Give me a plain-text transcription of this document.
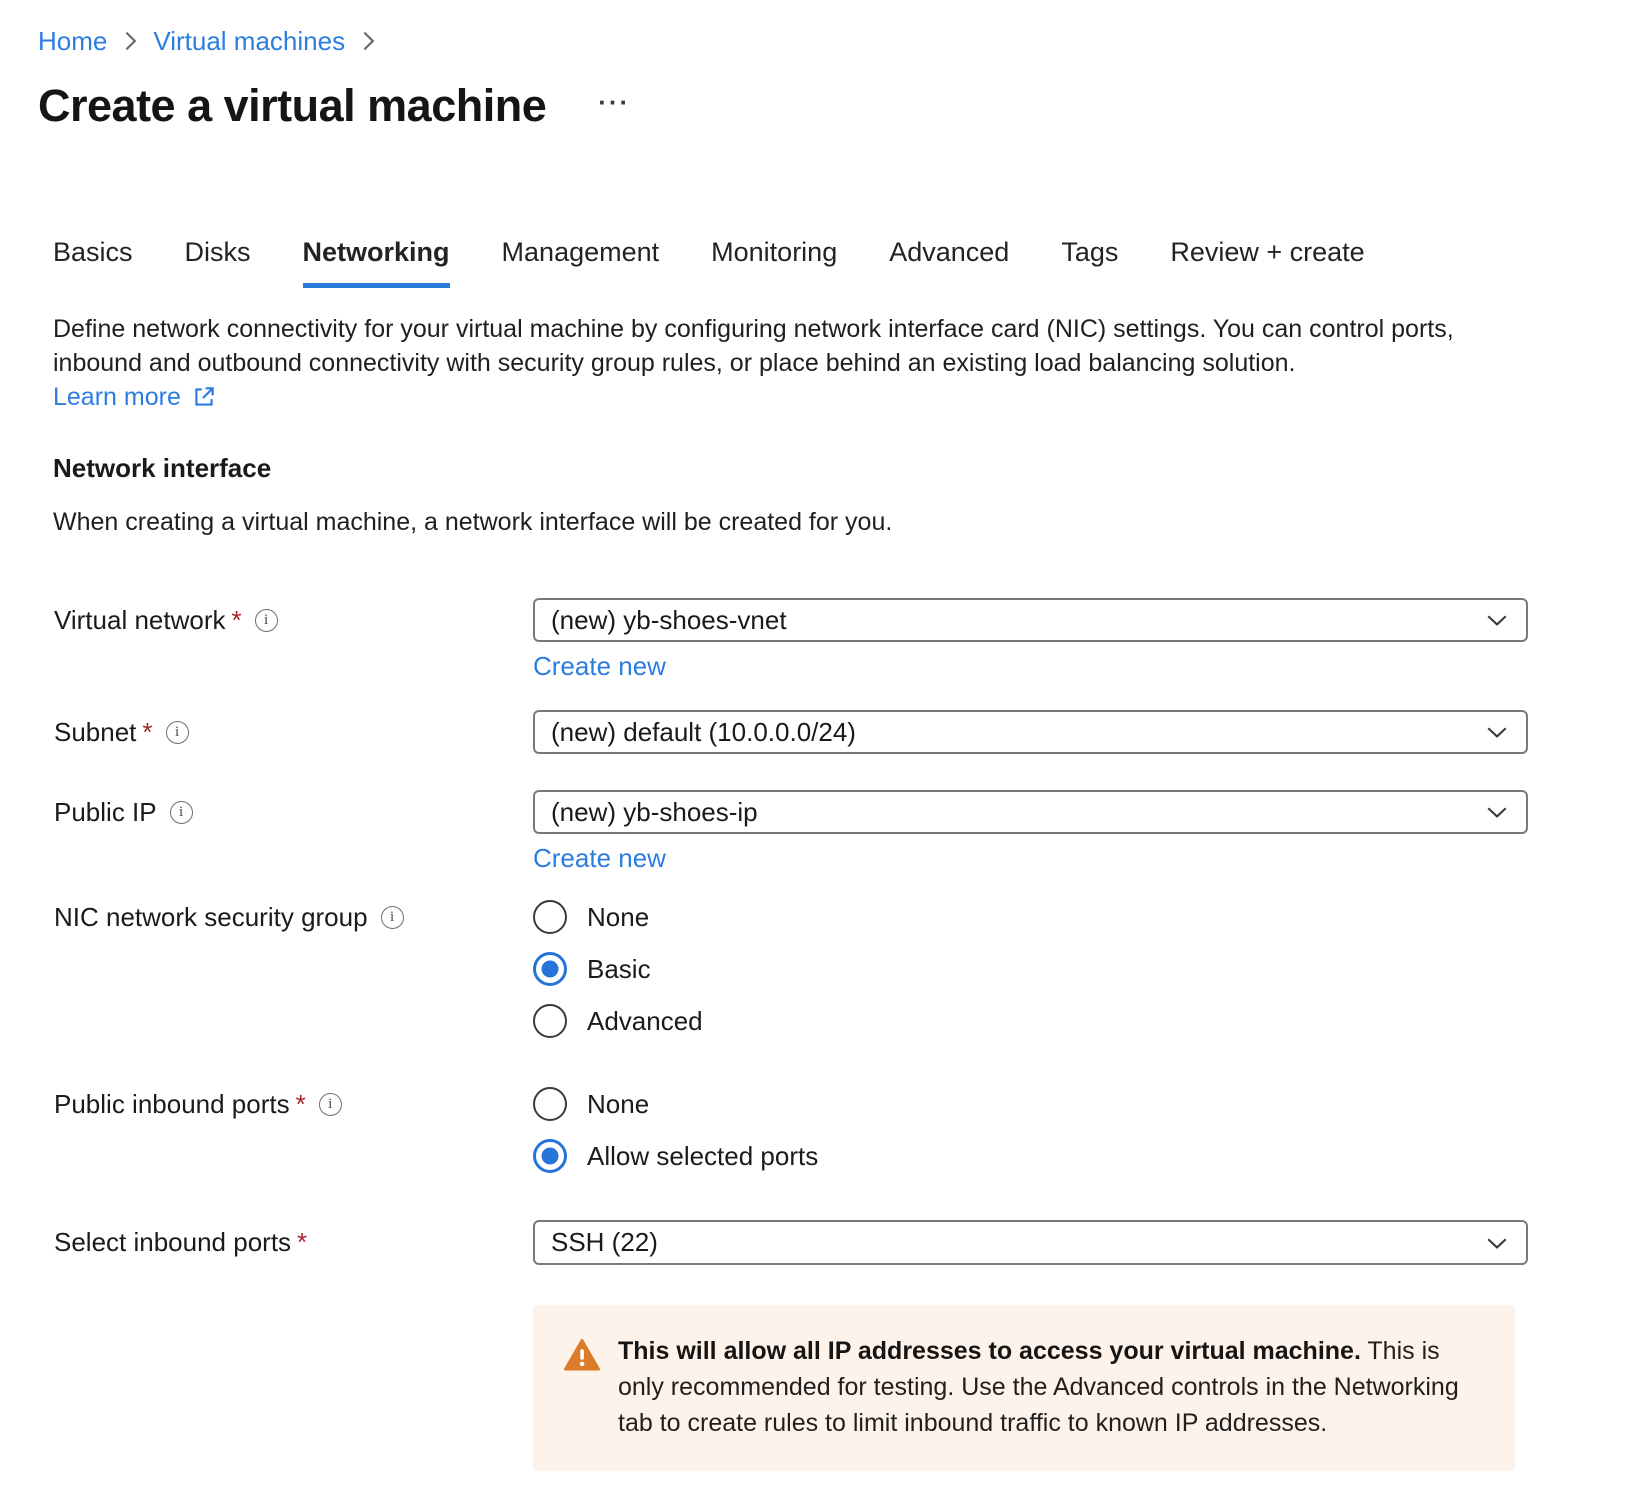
Home Virtual machines
Create a virtual machine ···
Basics Disks Networking Management Monitoring Advanced Tags Review + create

Define network connectivity for your virtual machine by configuring network interface card (NIC) settings. You can control ports, inbound and outbound connectivity with security group rules, or place behind an existing load balancing solution.

Learn more
Network interface

When creating a virtual machine, a network interface will be created for you.

Virtual network *	i	(new) yb-shoes-vnet
Create new
Subnet *	i	(new) default (10.0.0.0/24)
Public IP	i	(new) yb-shoes-ip
Create new
NIC network security group	i	None
Basic
Advanced
Public inbound ports *	i	None
Allow selected ports
Select inbound ports *	SSH (22)
This will allow all IP addresses to access your virtual machine. This is only recommended for testing. Use the Advanced controls in the Networking tab to create rules to limit inbound traffic to known IP addresses.
